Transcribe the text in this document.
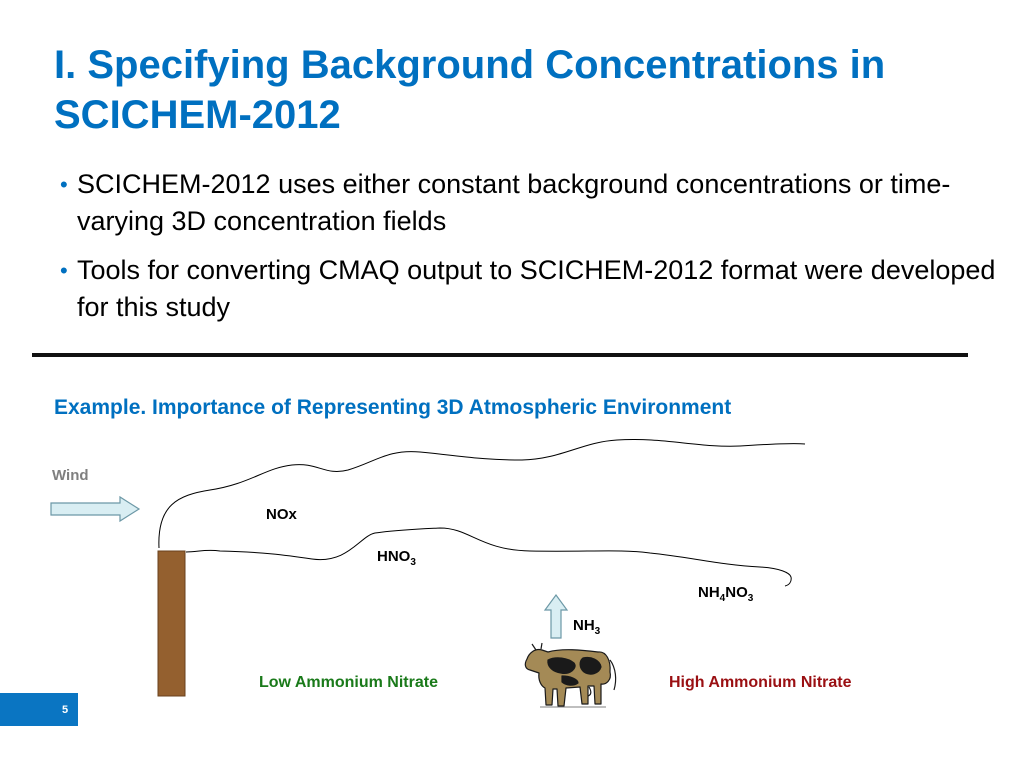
I. Specifying Background Concentrations in SCICHEM-2012
• SCICHEM-2012 uses either constant background concentrations or time-varying 3D concentration fields
• Tools for converting CMAQ output to SCICHEM-2012 format were developed for this study
Example. Importance of Representing 3D Atmospheric Environment
Wind
NOx
$HNO_3$
$NH_4NO_3$
$NH_3$
Low Ammonium Nitrate	High Ammonium Nitrate
5
